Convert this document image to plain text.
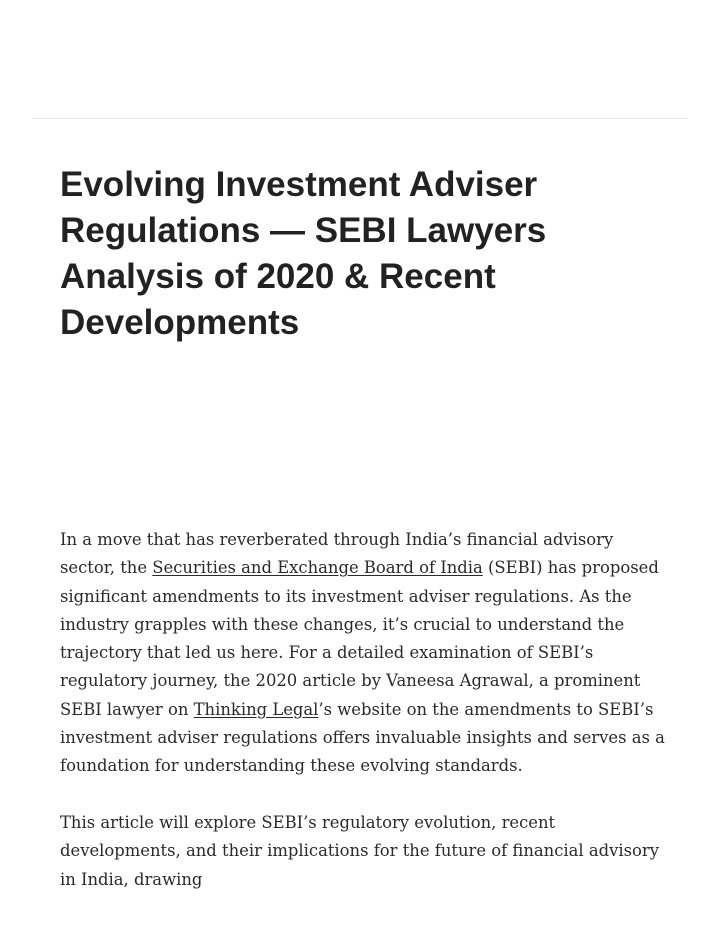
Evolving Investment Adviser Regulations — SEBI Lawyers Analysis of 2020 & Recent Developments

In a move that has reverberated through India’s financial advisory sector, the Securities and Exchange Board of India (SEBI) has proposed significant amendments to its investment adviser regulations. As the industry grapples with these changes, it’s crucial to understand the trajectory that led us here. For a detailed examination of SEBI’s regulatory journey, the 2020 article by Vaneesa Agrawal, a prominent SEBI lawyer on Thinking Legal’s website on the amendments to SEBI’s investment adviser regulations offers invaluable insights and serves as a foundation for understanding these evolving standards.

This article will explore SEBI’s regulatory evolution, recent developments, and their implications for the future of financial advisory in India, drawing
